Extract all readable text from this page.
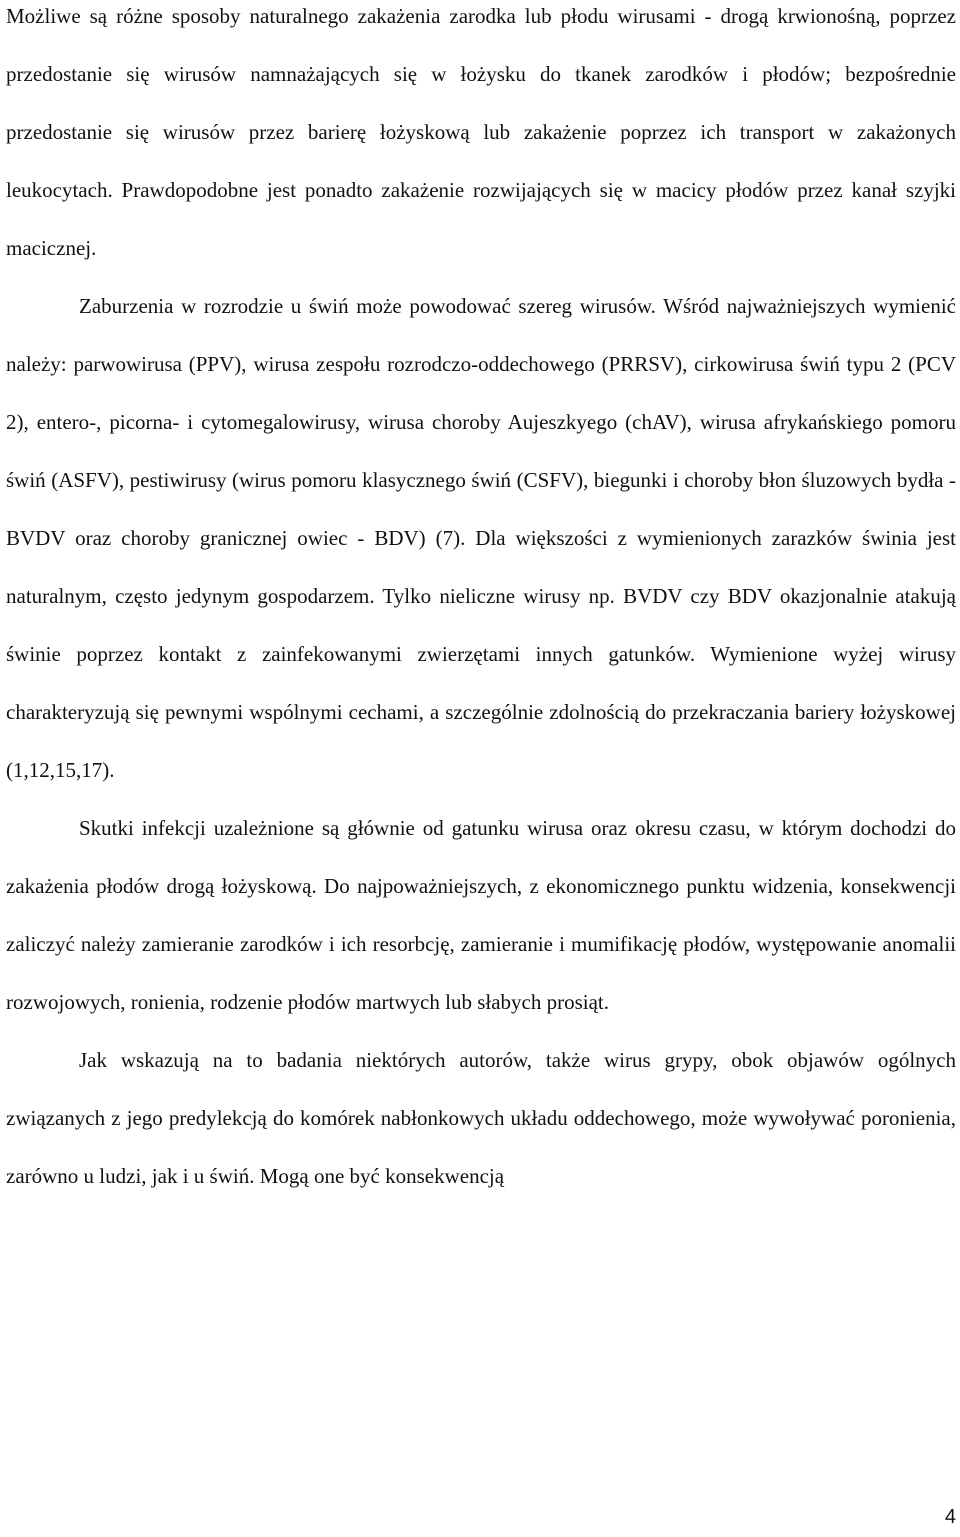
Możliwe są różne sposoby naturalnego zakażenia zarodka lub płodu wirusami - drogą krwionośną, poprzez przedostanie się wirusów namnażających się w łożysku do tkanek zarodków i płodów; bezpośrednie przedostanie się wirusów przez barierę łożyskową lub zakażenie poprzez ich transport w zakażonych leukocytach. Prawdopodobne jest ponadto zakażenie rozwijających się w macicy płodów przez kanał szyjki macicznej.

Zaburzenia w rozrodzie u świń może powodować szereg wirusów. Wśród najważniejszych wymienić należy: parwowirusa (PPV), wirusa zespołu rozrodczo-oddechowego (PRRSV), cirkowirusa świń typu 2 (PCV 2), entero-, picorna- i cytomegalowirusy, wirusa choroby Aujeszkyego (chAV), wirusa afrykańskiego pomoru świń (ASFV), pestiwirusy (wirus pomoru klasycznego świń (CSFV), biegunki i choroby błon śluzowych bydła - BVDV oraz choroby granicznej owiec - BDV) (7). Dla większości z wymienionych zarazków świnia jest naturalnym, często jedynym gospodarzem. Tylko nieliczne wirusy np. BVDV czy BDV okazjonalnie atakują świnie poprzez kontakt z zainfekowanymi zwierzętami innych gatunków. Wymienione wyżej wirusy charakteryzują się pewnymi wspólnymi cechami, a szczególnie zdolnością do przekraczania bariery łożyskowej (1,12,15,17).

Skutki infekcji uzależnione są głównie od gatunku wirusa oraz okresu czasu, w którym dochodzi do zakażenia płodów drogą łożyskową. Do najpoważniejszych, z ekonomicznego punktu widzenia, konsekwencji zaliczyć należy zamieranie zarodków i ich resorbcję, zamieranie i mumifikację płodów, występowanie anomalii rozwojowych, ronienia, rodzenie płodów martwych lub słabych prosiąt.

Jak wskazują na to badania niektórych autorów, także wirus grypy, obok objawów ogólnych związanych z jego predylekcją do komórek nabłonkowych układu oddechowego, może wywoływać poronienia, zarówno u ludzi, jak i u świń. Mogą one być konsekwencją

4
